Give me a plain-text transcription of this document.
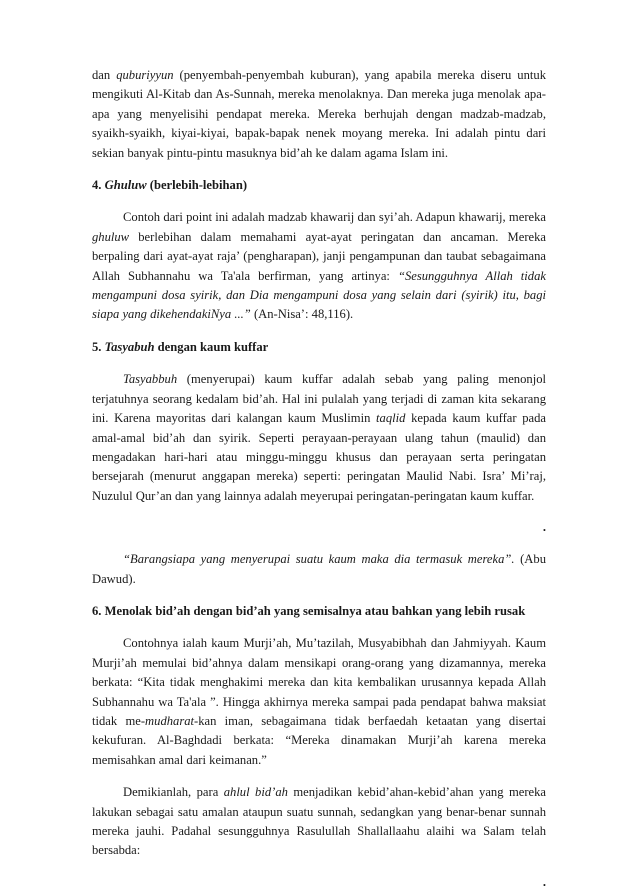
dan quburiyyun (penyembah-penyembah kuburan), yang apabila mereka diseru untuk mengikuti Al-Kitab dan As-Sunnah, mereka menolaknya. Dan mereka juga menolak apa-apa yang menyelisihi pendapat mereka. Mereka berhujah dengan madzab-madzab, syaikh-syaikh, kiyai-kiyai, bapak-bapak nenek moyang mereka. Ini adalah pintu dari sekian banyak pintu-pintu masuknya bid’ah ke dalam agama Islam ini.

4. Ghuluw (berlebih-lebihan)

Contoh dari point ini adalah madzab khawarij dan syi’ah. Adapun khawarij, mereka ghuluw berlebihan dalam memahami ayat-ayat peringatan dan ancaman. Mereka berpaling dari ayat-ayat raja’ (pengharapan), janji pengampunan dan taubat sebagaimana Allah Subhannahu wa Ta'ala berfirman, yang artinya: “Sesungguhnya Allah tidak mengampuni dosa syirik, dan Dia mengampuni dosa yang selain dari (syirik) itu, bagi siapa yang dikehendakiNya ...” (An-Nisa’: 48,116).

5. Tasyabuh dengan kaum kuffar

Tasyabbuh (menyerupai) kaum kuffar adalah sebab yang paling menonjol terjatuhnya seorang kedalam bid’ah. Hal ini pulalah yang terjadi di zaman kita sekarang ini. Karena mayoritas dari kalangan kaum Muslimin taqlid kepada kaum kuffar pada amal-amal bid’ah dan syirik. Seperti perayaan-perayaan ulang tahun (maulid) dan mengadakan hari-hari atau minggu-minggu khusus dan perayaan serta peringatan bersejarah (menurut anggapan mereka) seperti: peringatan Maulid Nabi. Isra’ Mi’raj, Nuzulul Qur’an dan yang lainnya adalah meyerupai peringatan-peringatan kaum kuffar.

.

“Barangsiapa yang menyerupai suatu kaum maka dia termasuk mereka”. (Abu Dawud).

6. Menolak bid’ah dengan bid’ah yang semisalnya atau bahkan yang lebih rusak

Contohnya ialah kaum Murji’ah, Mu’tazilah, Musyabibhah dan Jahmiyyah. Kaum Murji’ah memulai bid’ahnya dalam mensikapi orang-orang yang dizamannya, mereka berkata: “Kita tidak menghakimi mereka dan kita kembalikan urusannya kepada Allah Subhannahu wa Ta'ala ”. Hingga akhirnya mereka sampai pada pendapat bahwa maksiat tidak me-mudharat-kan iman, sebagaimana tidak berfaedah ketaatan yang disertai kekufuran. Al-Baghdadi berkata: “Mereka dinamakan Murji’ah karena mereka memisahkan amal dari keimanan.”

Demikianlah, para ahlul bid’ah menjadikan kebid’ahan-kebid’ahan yang mereka lakukan sebagai satu amalan ataupun suatu sunnah, sedangkan yang benar-benar sunnah mereka jauhi. Padahal sesungguhnya Rasulullah Shallallaahu alaihi wa Salam telah bersabda:

.
